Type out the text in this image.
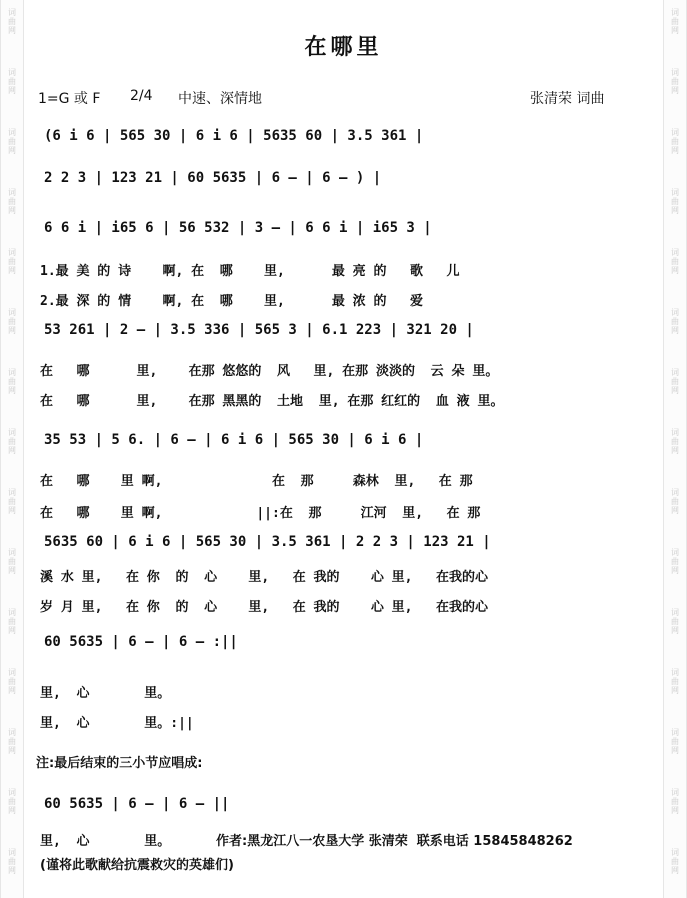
词
曲
网
词
曲
网
词
曲
网
词
曲
网
词
曲
网
词
曲
网
词
曲
网
词
曲
网
词
曲
网
词
曲
网
词
曲
网
词
曲
网
词
曲
网
词
曲
网
词
曲
网
词
曲
网
词
曲
网
词
曲
网
词
曲
网
词
曲
网
词
曲
网
词
曲
网
词
曲
网
词
曲
网
词
曲
网
词
曲
网
词
曲
网
词
曲
网
词
曲
网
词
曲
网
在哪里
1=G 或 F 2/4 中速、深情地	张清荣 词曲
(6 i 6 | 565 30 | 6 i 6 | 5635 60 | 3.5 361 |
2 2 3 | 123 21 | 60 5635 | 6 — | 6 — ) |
6 6 i | i65 6 | 56 532 | 3 — | 6 6 i | i65 3 |
1.最 美 的 诗    啊, 在  哪    里,      最 亮 的   歌   儿
2.最 深 的 情    啊, 在  哪    里,      最 浓 的   爱
53 261 | 2 — | 3.5 336 | 565 3 | 6.1 223 | 321 20 |
在   哪      里,    在那 悠悠的  风   里, 在那 淡淡的  云 朵 里。
在   哪      里,    在那 黑黑的  土地  里, 在那 红红的  血 液 里。
35 53 | 5 6. | 6 — | 6 i 6 | 565 30 | 6 i 6 |
在   哪    里 啊,              在  那     森林  里,   在 那
在   哪    里 啊,            ||:在  那     江河  里,   在 那
5635 60 | 6 i 6 | 565 30 | 3.5 361 | 2 2 3 | 123 21 |
溪 水 里,   在 你  的  心    里,   在 我的    心 里,   在我的心
岁 月 里,   在 你  的  心    里,   在 我的    心 里,   在我的心
60 5635 | 6 — | 6 — :||
里,  心       里。
里,  心       里。:||
注:最后结束的三小节应唱成:
60 5635 | 6 — | 6 — ||
里,  心       里。	作者:黑龙江八一农垦大学 张清荣  联系电话 15845848262
(谨将此歌献给抗震救灾的英雄们)
